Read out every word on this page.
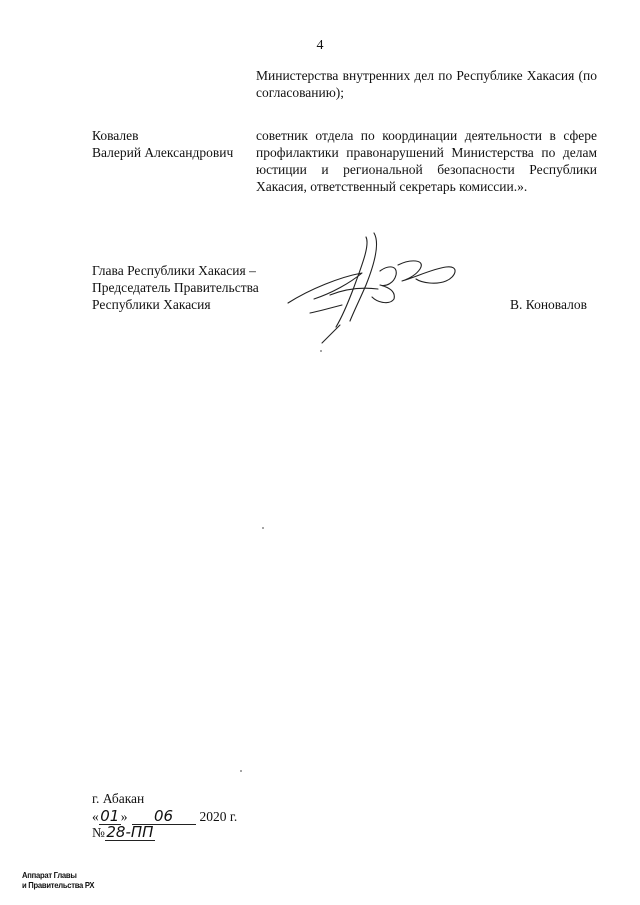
4
Министерства внутренних дел по Республике Хакасия (по согласованию);
Ковалев
Валерий Александрович
советник отдела по координации деятельности в сфере профилактики правонарушений Министерства по делам юстиции и региональной безопасности Республики Хакасия, ответственный секретарь комиссии.».
Глава Республики Хакасия –
Председатель Правительства
Республики Хакасия	В. Коновалов
г. Абакан
«01» 06 2020 г.
№28-ПП
Аппарат Главы
и Правительства РХ
